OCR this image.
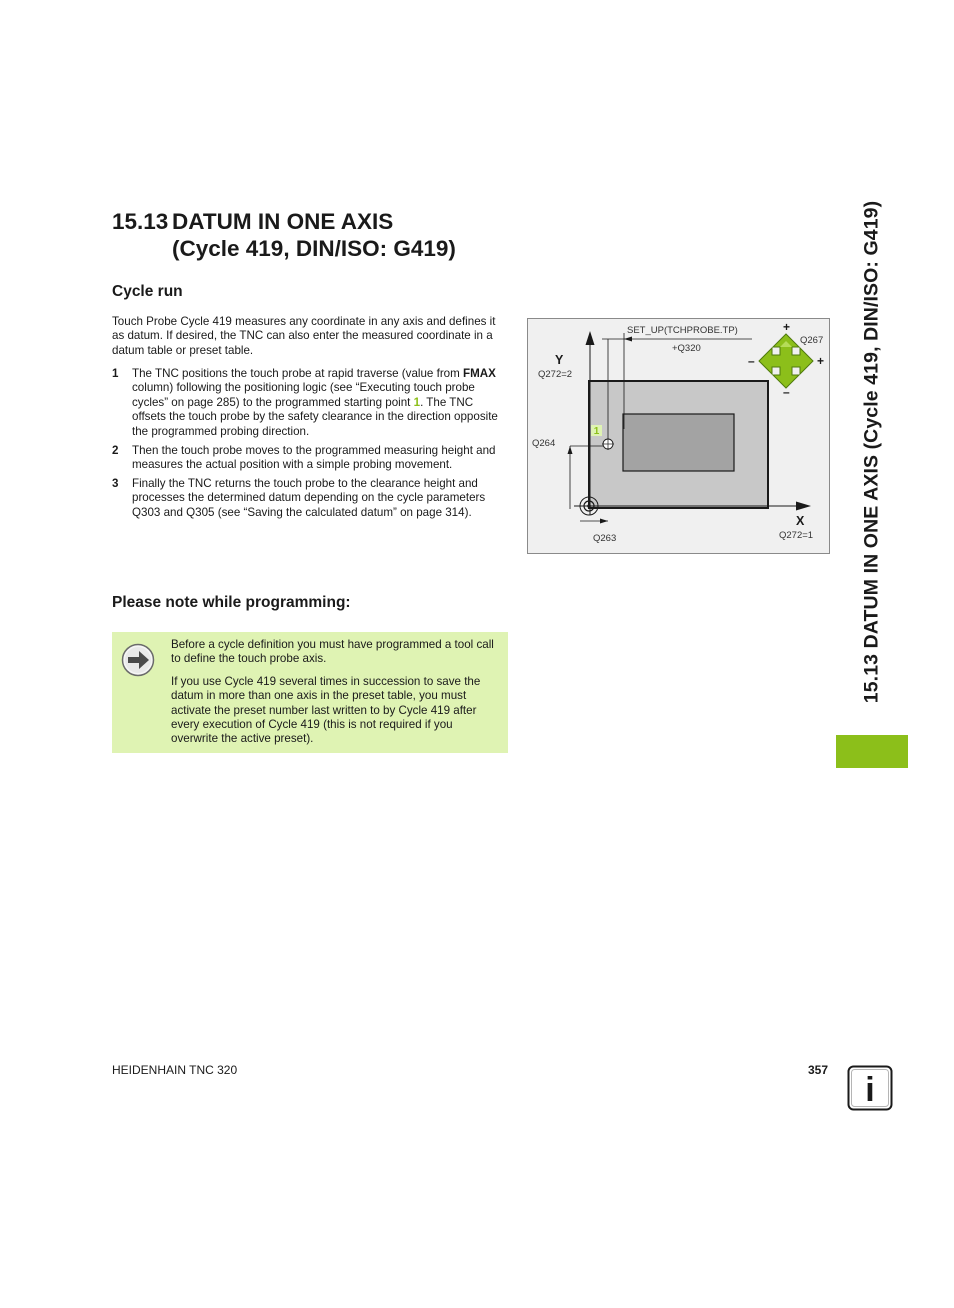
15.13 DATUM IN ONE AXIS
(Cycle 419, DIN/ISO: G419)
Cycle run
Touch Probe Cycle 419 measures any coordinate in any axis and defines it as datum. If desired, the TNC can also enter the measured coordinate in a datum table or preset table.
1 The TNC positions the touch probe at rapid traverse (value from FMAX column) following the positioning logic (see “Executing touch probe cycles” on page 285) to the programmed starting point 1. The TNC offsets the touch probe by the safety clearance in the direction opposite the programmed probing direction.
2 Then the touch probe moves to the programmed measuring height and measures the actual position with a simple probing movement.
3 Finally the TNC returns the touch probe to the clearance height and processes the determined datum depending on the cycle parameters Q303 and Q305 (see “Saving the calculated datum” on page 314).
1
SET_UP(TCHPROBE.TP)
+Q320
Y
Q272=2
Q264
Q263
X
Q272=1
Q267
+
–	+
–
Please note while programming:

Before a cycle definition you must have programmed a tool call to define the touch probe axis.

If you use Cycle 419 several times in succession to save the datum in more than one axis in the preset table, you must activate the preset number last written to by Cycle 419 after every execution of Cycle 419 (this is not required if you overwrite the active preset).

15.13 DATUM IN ONE AXIS (Cycle 419, DIN/ISO: G419)
HEIDENHAIN TNC 320	357
i
